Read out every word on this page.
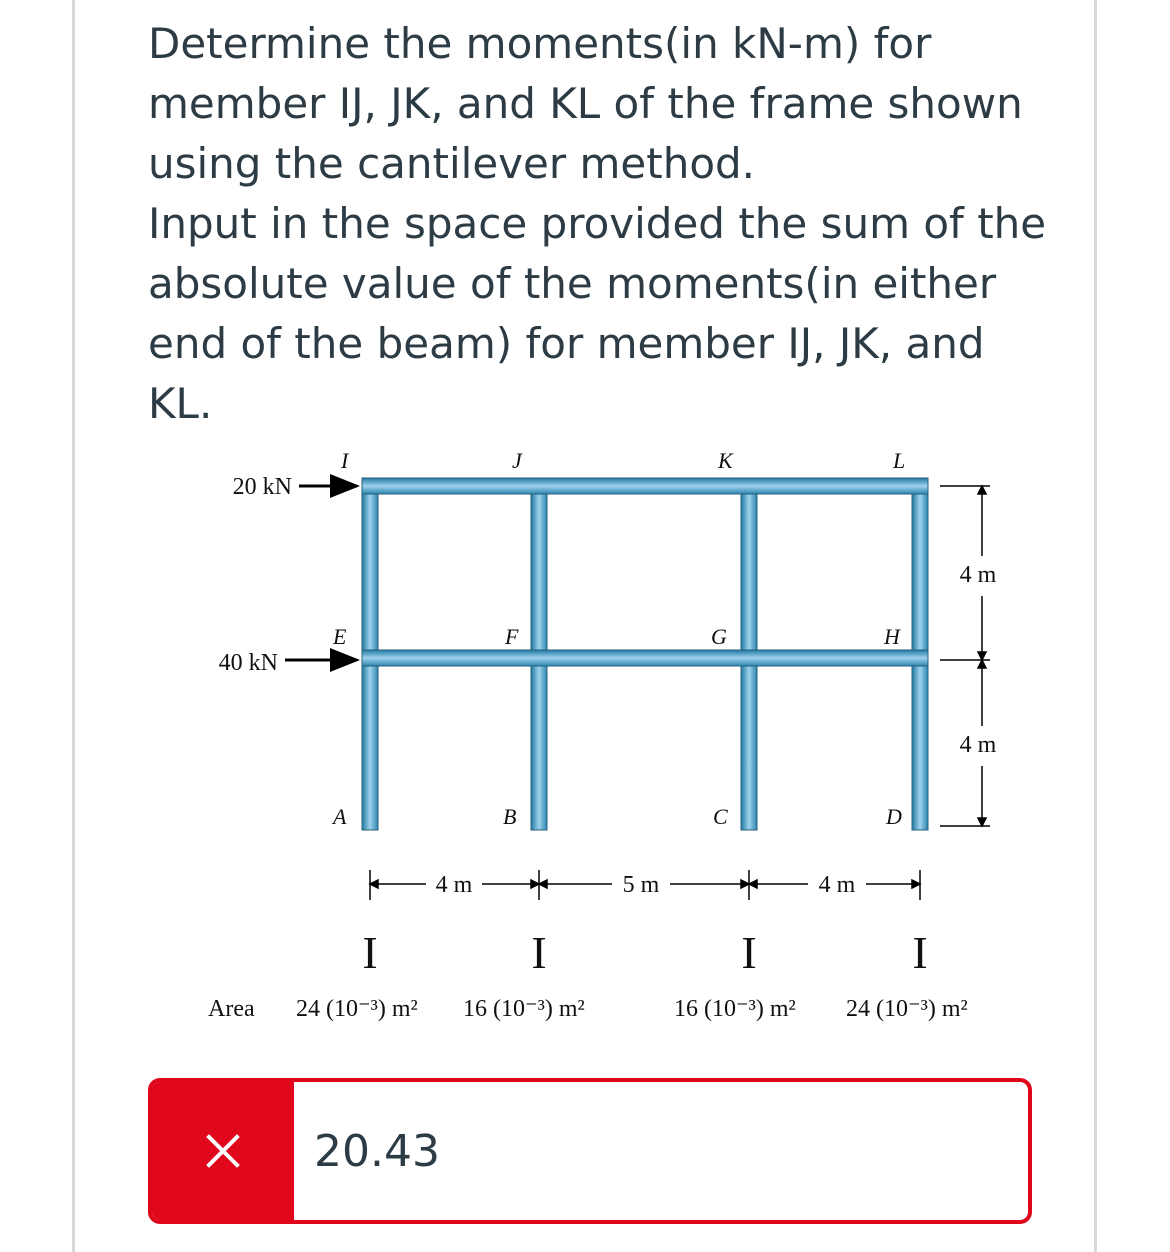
Determine the moments(in kN-m) for member IJ, JK, and KL of the frame shown using the cantilever method.

Input in the space provided the sum of the absolute value of the moments(in either end of the beam) for member IJ, JK, and KL.

I	J	K	L
E	F	G	H
A	B	C	D
20 kN
40 kN
4 m
4 m
4 m	5 m	4 m
I	I	I	I
Area 24 (10⁻³) m² 16 (10⁻³) m²	16 (10⁻³) m² 24 (10⁻³) m²
20.43
